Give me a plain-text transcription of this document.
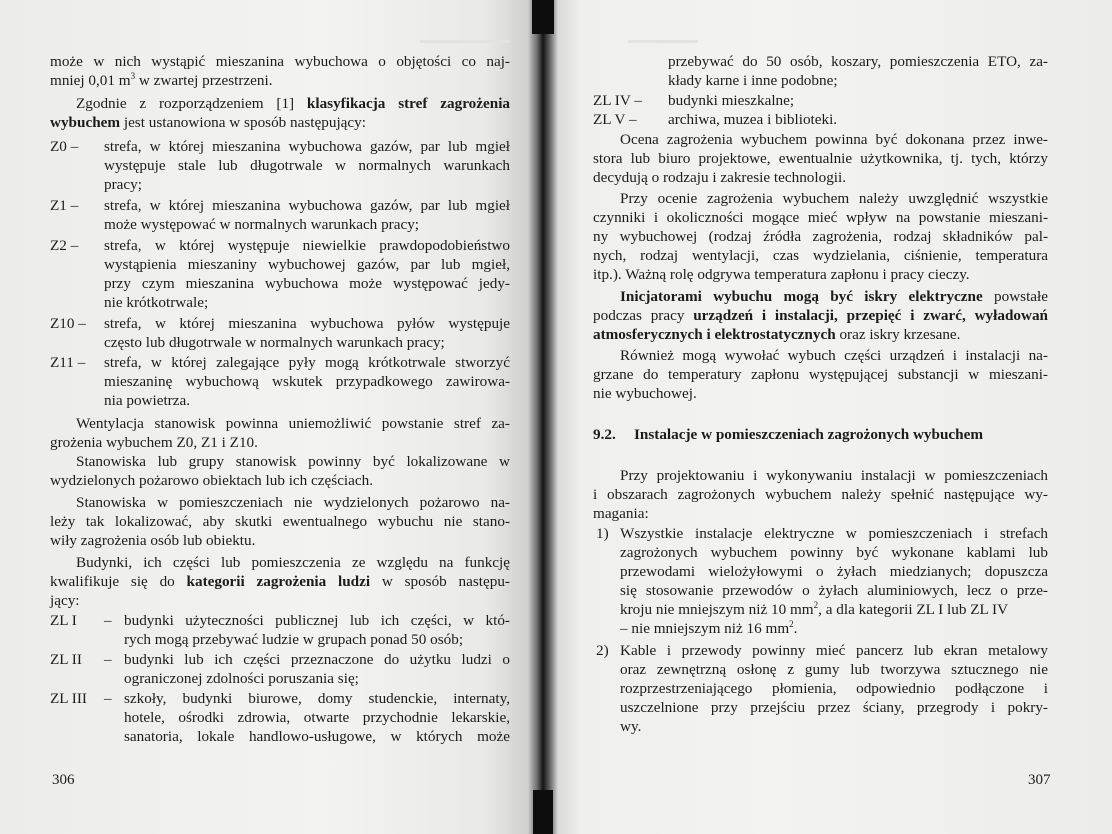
może w nich wystąpić mieszanina wybuchowa o objętości co naj-
mniej 0,01 $m^3$ w zwartej przestrzeni.
Zgodnie z rozporządzeniem [1] klasyfikacja stref zagrożenia
wybuchem jest ustanowiona w sposób następujący:
Z0 – strefa, w której mieszanina wybuchowa gazów, par lub mgieł
występuje stale lub długotrwale w normalnych warunkach
pracy;
Z1 – strefa, w której mieszanina wybuchowa gazów, par lub mgieł
może występować w normalnych warunkach pracy;
Z2 – strefa, w której występuje niewielkie prawdopodobieństwo
wystąpienia mieszaniny wybuchowej gazów, par lub mgieł,
przy czym mieszanina wybuchowa może występować jedy-
nie krótkotrwale;
Z10 – strefa, w której mieszanina wybuchowa pyłów występuje
często lub długotrwale w normalnych warunkach pracy;
Z11 – strefa, w której zalegające pyły mogą krótkotrwale stworzyć
mieszaninę wybuchową wskutek przypadkowego zawirowa-
nia powietrza.
Wentylacja stanowisk powinna uniemożliwić powstanie stref za-
grożenia wybuchem Z0, Z1 i Z10.
Stanowiska lub grupy stanowisk powinny być lokalizowane w
wydzielonych pożarowo obiektach lub ich częściach.
Stanowiska w pomieszczeniach nie wydzielonych pożarowo na-
leży tak lokalizować, aby skutki ewentualnego wybuchu nie stano-
wiły zagrożenia osób lub obiektu.
Budynki, ich części lub pomieszczenia ze względu na funkcję
kwalifikuje się do kategorii zagrożenia ludzi w sposób następu-
jący:
ZL I – budynki użyteczności publicznej lub ich części, w któ-
rych mogą przebywać ludzie w grupach ponad 50 osób;
ZL II – budynki lub ich części przeznaczone do użytku ludzi o
ograniczonej zdolności poruszania się;
ZL III – szkoły, budynki biurowe, domy studenckie, internaty,
hotele, ośrodki zdrowia, otwarte przychodnie lekarskie,
sanatoria, lokale handlowo-usługowe, w których może
306
przebywać do 50 osób, koszary, pomieszczenia ETO, za-
kłady karne i inne podobne;
ZL IV – budynki mieszkalne;
ZL V – archiwa, muzea i biblioteki.
Ocena zagrożenia wybuchem powinna być dokonana przez inwe-
stora lub biuro projektowe, ewentualnie użytkownika, tj. tych, którzy
decydują o rodzaju i zakresie technologii.
Przy ocenie zagrożenia wybuchem należy uwzględnić wszystkie
czynniki i okoliczności mogące mieć wpływ na powstanie mieszani-
ny wybuchowej (rodzaj źródła zagrożenia, rodzaj składników pal-
nych, rodzaj wentylacji, czas wydzielania, ciśnienie, temperatura
itp.). Ważną rolę odgrywa temperatura zapłonu i pracy cieczy.
Inicjatorami wybuchu mogą być iskry elektryczne powstałe
podczas pracy urządzeń i instalacji, przepięć i zwarć, wyładowań
atmosferycznych i elektrostatycznych oraz iskry krzesane.
Również mogą wywołać wybuch części urządzeń i instalacji na-
grzane do temperatury zapłonu występującej substancji w mieszani-
nie wybuchowej.
9.2. Instalacje w pomieszczeniach zagrożonych wybuchem
Przy projektowaniu i wykonywaniu instalacji w pomieszczeniach
i obszarach zagrożonych wybuchem należy spełnić następujące wy-
magania:
1) Wszystkie instalacje elektryczne w pomieszczeniach i strefach
zagrożonych wybuchem powinny być wykonane kablami lub
przewodami wielożyłowymi o żyłach miedzianych; dopuszcza
się stosowanie przewodów o żyłach aluminiowych, lecz o prze-
kroju nie mniejszym niż 10 $mm^2$, a dla kategorii ZL I lub ZL IV
– nie mniejszym niż 16 $mm^2$.
2) Kable i przewody powinny mieć pancerz lub ekran metalowy
oraz zewnętrzną osłonę z gumy lub tworzywa sztucznego nie
rozprzestrzeniającego płomienia, odpowiednio podłączone i
uszczelnione przy przejściu przez ściany, przegrody i pokry-
wy.
307
